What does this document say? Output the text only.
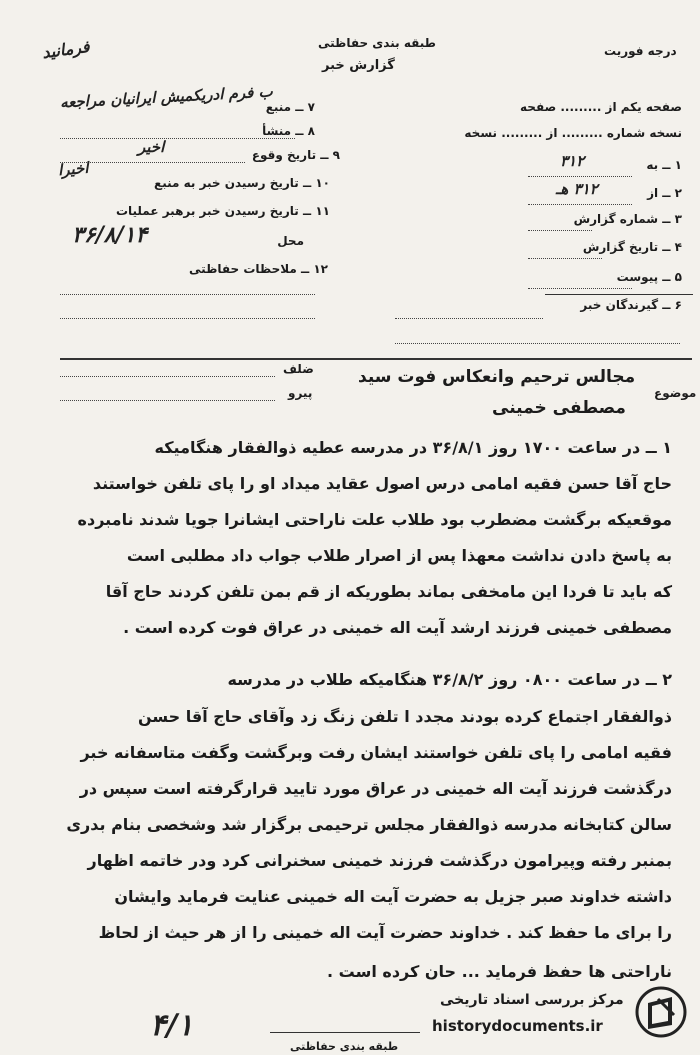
طبقه بندی حفاظتی
گزارش خبر
درجه فوریت
فرمانید
صفحه یکم از ......... صفحه
نسخه شماره ......... از ......... نسخه
۱ ــ به
۳۱۲
۲ ــ از
۳۱۲ هـ
۳ ــ شماره گزارش
۴ ــ تاریخ گزارش
۵ ــ پیوست
۶ ــ گیرندگان خبر
۷ ــ منبع
ب فرم ادریکمیش ایرانیان مراجعه
۸ ــ منشأ
۹ ــ تاریخ وقوع
اخیر
۱۰ ــ تاریخ رسیدن خبر به منبع
اخیرا
۱۱ ــ تاریخ رسیدن خبر برهبر عملیات
محل
۳۶/۸/۱۴
۱۲ ــ ملاحظات حفاظتی
موضوع
مجالس ترحیم وانعکاس فوت سید
مصطفی خمینی
ضلف
پیرو
۱ ــ در ساعت ۱۷۰۰ روز ۳۶/۸/۱ در مدرسه عطیه ذوالفقار هنگامیکه
حاج آقا حسن فقیه امامی درس اصول عقاید میداد او را پای تلفن خواستند
موقعیکه برگشت مضطرب بود طلاب علت ناراحتی ایشانرا جویا شدند نامبرده
به پاسخ دادن نداشت معهذا پس از اصرار طلاب جواب داد مطلبی است
که باید تا فردا این مامخفی بماند بطوریکه از قم بمن تلفن کردند حاج آقا
مصطفی خمینی فرزند ارشد آیت اله خمینی در عراق فوت کرده است .
۲ ــ در ساعت ۰۸۰۰ روز ۳۶/۸/۲ هنگامیکه طلاب در مدرسه
ذوالفقار اجتماع کرده بودند مجدد ا تلفن زنگ زد وآقای حاج آقا حسن
فقیه امامی را پای تلفن خواستند ایشان رفت وبرگشت وگفت متاسفانه خبر
درگذشت فرزند آیت اله خمینی در عراق مورد تایید قرارگرفته است سپس در
سالن کتابخانه مدرسه ذوالفقار مجلس ترحیمی برگزار شد وشخصی بنام بدری
بمنبر رفته وپیرامون درگذشت فرزند خمینی سخنرانی کرد ودر خاتمه اظهار
داشته خداوند صبر جزیل به حضرت آیت اله خمینی عنایت فرماید وایشان
را برای ما حفظ کند . خداوند حضرت آیت اله خمینی را از هر حیث از لحاظ
ناراحتی ها حفظ فرماید ... حان کرده است .
۴/۱
طبقه بندی حفاظتی
مرکز بررسی اسناد تاریخی
historydocuments.ir
